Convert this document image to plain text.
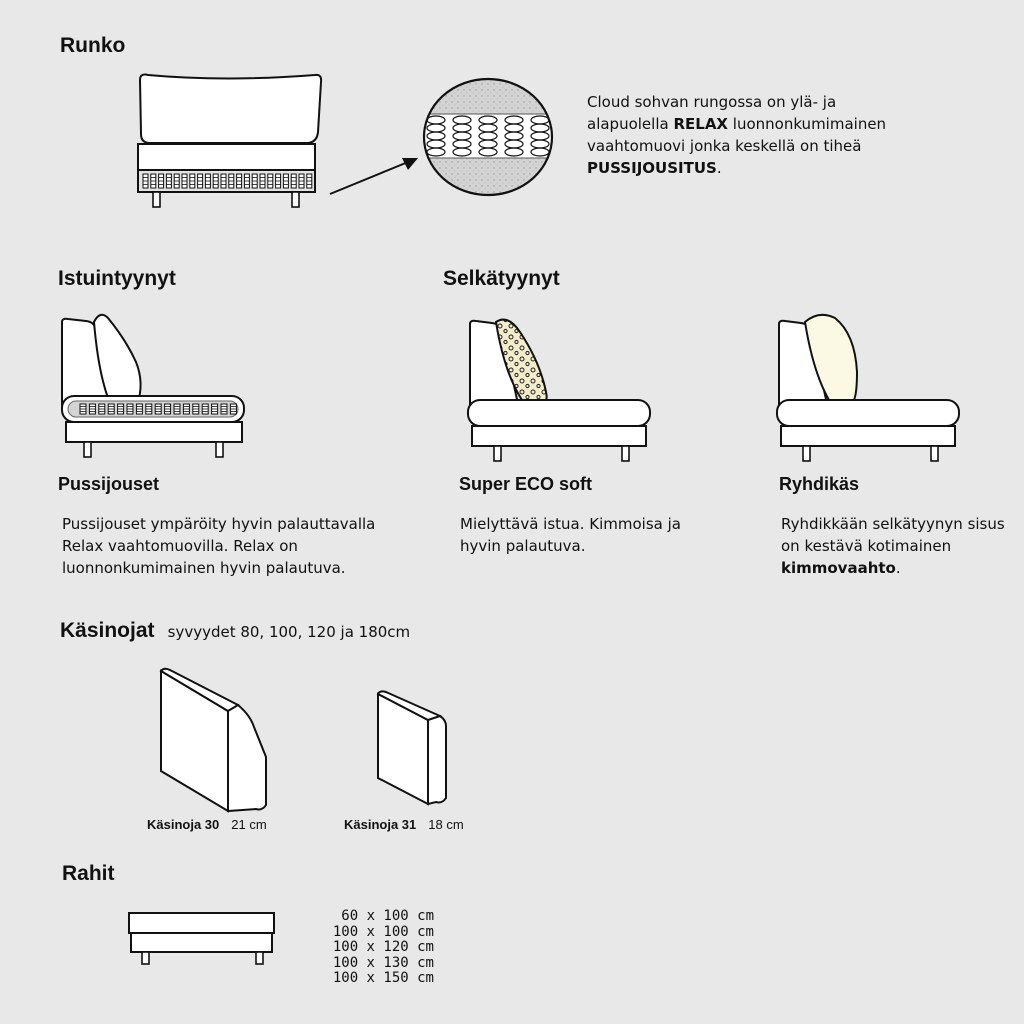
Runko
Cloud sohvan rungossa on ylä- ja alapuolella RELAX luonnonkumimainen vaahtomuovi jonka keskellä on tiheä PUSSIJOUSITUS.
Istuintyynyt
Pussijouset
Pussijouset ympäröity hyvin palauttavalla Relax vaahtomuovilla. Relax on luonnonkumimainen hyvin palautuva.
Selkätyynyt
Super ECO soft
Mielyttävä istua. Kimmoisa ja hyvin palautuva.
Ryhdikäs
Ryhdikkään selkätyynyn sisus on kestävä kotimainen kimmovaahto.
Käsinojat syvyydet 80, 100, 120 ja 180cm
Käsinoja 30 21 cm	Käsinoja 31 18 cm
Rahit
60 x 100 cm
100 x 100 cm
100 x 120 cm
100 x 130 cm
100 x 150 cm
